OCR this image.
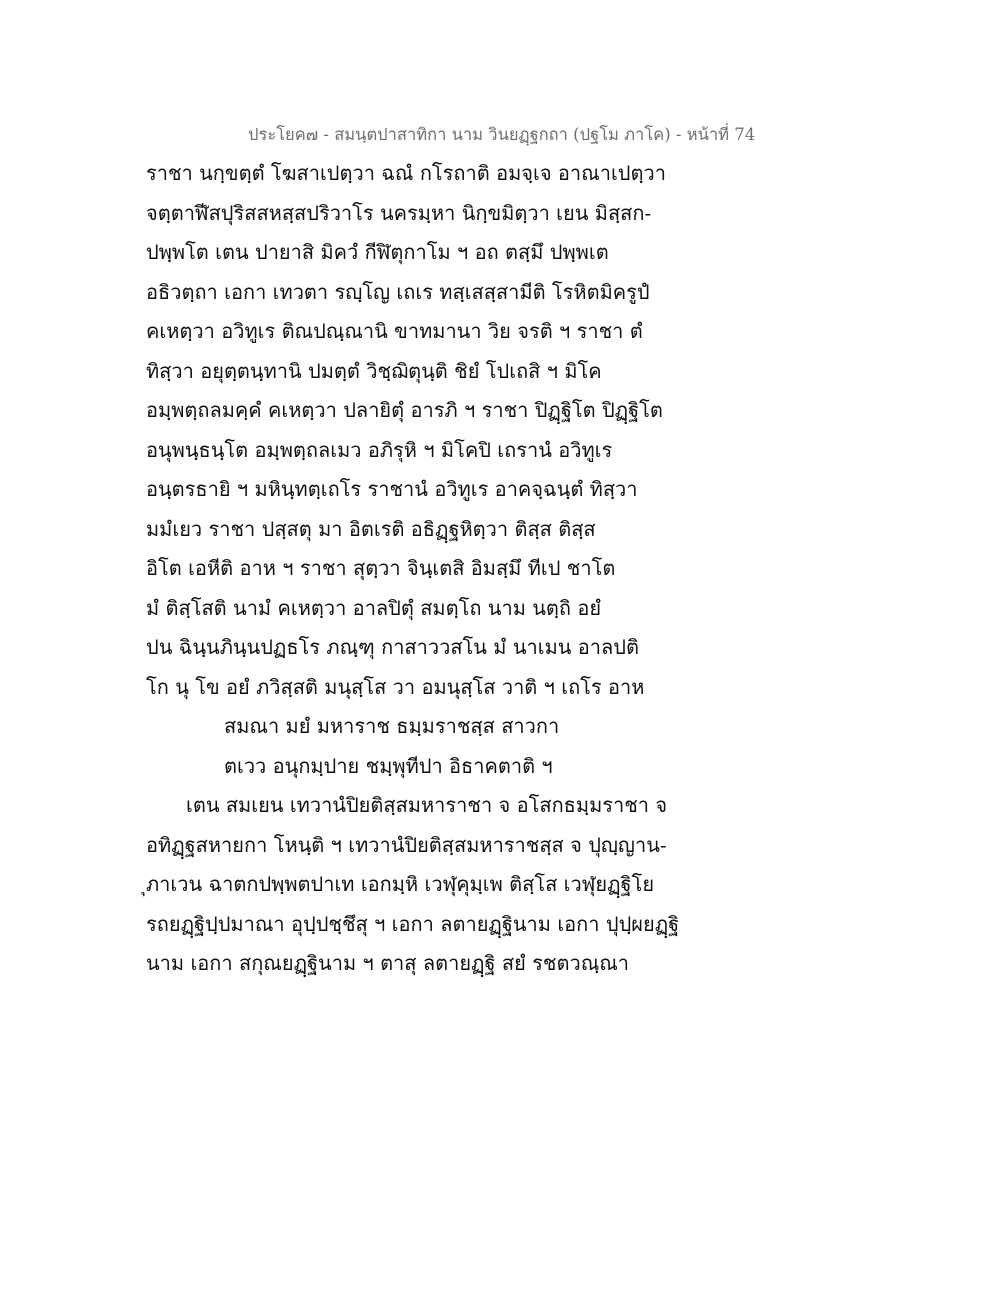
ประโยค๗ - สมนฺตปาสาทิกา นาม วินยฏฺฐกถา (ปฐโม ภาโค) - หน้าที่ 74
ราชา นกฺขตฺตํ โฆสาเปตฺวา ฉณํ กโรถาติ อมจฺเจ อาณาเปตฺวา
จตฺตาฬีสปุริสสหสฺสปริวาโร นครมฺหา นิกฺขมิตฺวา เยน มิสฺสก-
ปพฺพโต เตน ปายาสิ มิควํ กีฬิตุกาโม ฯ อถ ตสฺมึ ปพฺพเต
อธิวตฺถา เอกา เทวตา รญฺโญ เถเร ทสฺเสสฺสามีติ โรหิตมิครูปํ
คเหตฺวา อวิทูเร ติณปณฺณานิ ขาทมานา วิย จรติ ฯ ราชา ตํ
ทิสฺวา อยุตฺตนฺทานิ ปมตฺตํ วิชฺฌิตุนฺติ ชิยํ โปเถสิ ฯ มิโค
อมฺพตฺถลมคฺคํ คเหตฺวา ปลายิตุํ อารภิ ฯ ราชา ปิฏฺฐิโต ปิฏฺฐิโต
อนุพนฺธนฺโต อมฺพตฺถลเมว อภิรุหิ ฯ มิโคปิ เถรานํ อวิทูเร
อนฺตรธายิ ฯ มหินฺทตฺเถโร ราชานํ อวิทูเร อาคจฺฉนฺตํ ทิสฺวา
มมํเยว ราชา ปสฺสตุ มา อิตเรติ อธิฏฺฐหิตฺวา ติสฺส ติสฺส
อิโต เอหีติ อาห ฯ ราชา สุตฺวา จินฺเตสิ อิมสฺมึ ทีเป ชาโต
มํ ติสฺโสติ นามํ คเหตฺวา อาลปิตุํ สมตฺโถ นาม นตฺถิ อยํ
ปน ฉินฺนภินฺนปฏธโร ภณฺฑุ กาสาววสโน มํ นาเมน อาลปติ
โก นุ โข อยํ ภวิสฺสติ มนุสฺโส วา อมนุสฺโส วาติ ฯ เถโร อาห
สมณา มยํ มหาราช ธมฺมราชสฺส สาวกา
ตเวว อนุกมฺปาย ชมฺพุทีปา อิธาคตาติ ฯ
เตน สมเยน เทวานํปิยติสฺสมหาราชา จ อโสกธมฺมราชา จ
อทิฏฺฐสหายกา โหนฺติ ฯ เทวานํปิยติสฺสมหาราชสฺส จ ปุญฺญาน-
ุภาเวน ฉาตกปพฺพตปาเท เอกมฺหิ เวฬุคุมฺเพ ติสฺโส เวฬุยฏฺฐิโย
รถยฏฺฐิปฺปมาณา อุปฺปชฺชึสุ ฯ เอกา ลตายฏฺฐินาม เอกา ปุปฺผยฏฺฐิ
นาม เอกา สกุณยฏฺฐินาม ฯ ตาสุ ลตายฏฺฐิ สยํ รชตวณฺณา
